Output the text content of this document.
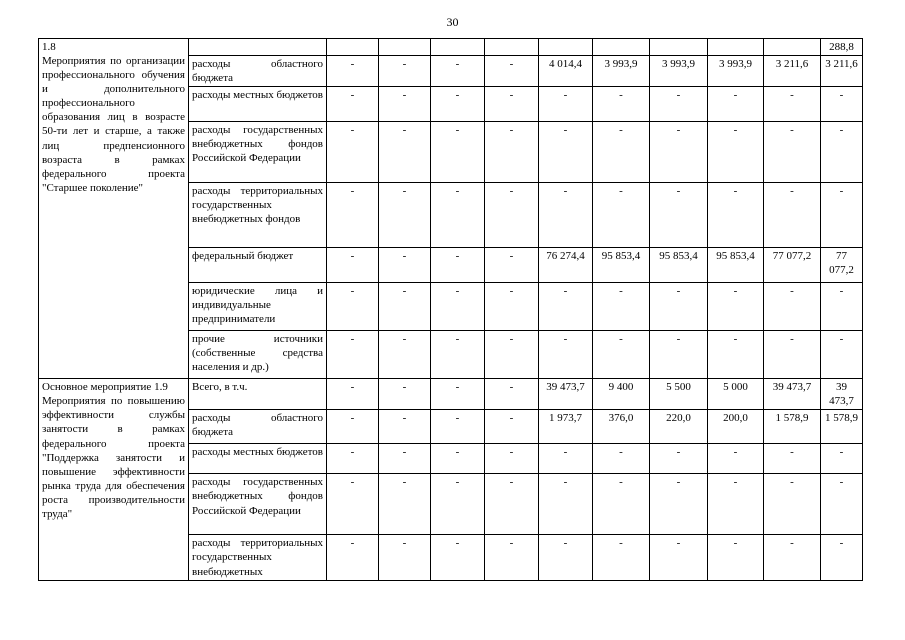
30
1.8
Мероприятия по организации профессионального обучения и дополнительного профессионального образования лиц в возрасте 50-ти лет и старше, а также лиц предпенсионного возраста в рамках федерального проекта "Старшее поколение"											288,8
	расходы областного бюджета	-	-	-	-	4 014,4	3 993,9	3 993,9	3 993,9	3 211,6	3 211,6
	расходы местных бюджетов	-	-	-	-	-	-	-	-	-	-
	расходы государственных внебюджетных фондов Российской Федерации	-	-	-	-	-	-	-	-	-	-
	расходы территориальных государственных внебюджетных фондов	-	-	-	-	-	-	-	-	-	-
	федеральный бюджет	-	-	-	-	76 274,4	95 853,4	95 853,4	95 853,4	77 077,2	77 077,2
	юридические лица и индивидуальные предприниматели	-	-	-	-	-	-	-	-	-	-
	прочие источники (собственные средства населения и др.)	-	-	-	-	-	-	-	-	-	-

Основное мероприятие 1.9
Мероприятия по повышению эффективности службы занятости в рамках федерального проекта "Поддержка занятости и повышение эффективности рынка труда для обеспечения роста производительности труда"	Всего, в т.ч.	-	-	-	-	39 473,7	9 400	5 500	5 000	39 473,7	39 473,7
	расходы областного бюджета	-	-	-	-	1 973,7	376,0	220,0	200,0	1 578,9	1 578,9
	расходы местных бюджетов	-	-	-	-	-	-	-	-	-	-
	расходы государственных внебюджетных фондов Российской Федерации	-	-	-	-	-	-	-	-	-	-
	расходы территориальных государственных внебюджетных	-	-	-	-	-	-	-	-	-	-
